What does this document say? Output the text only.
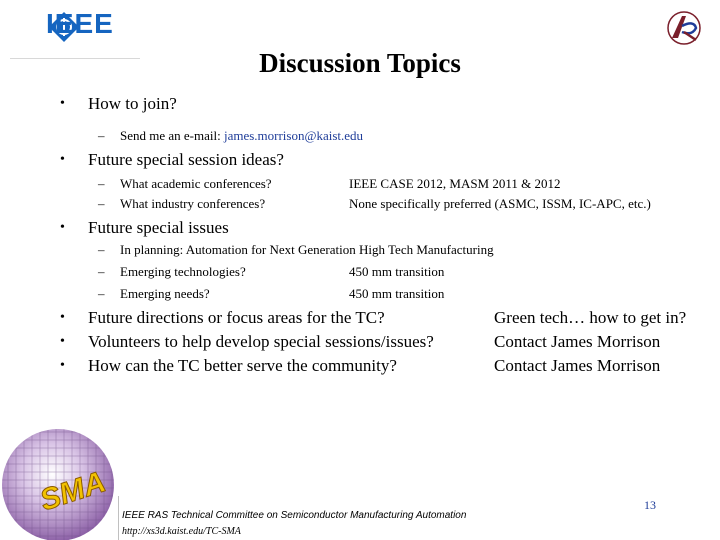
IEEE
Discussion Topics
• How to join?
– Send me an e-mail: james.morrison@kaist.edu
• Future special session ideas?
– What academic conferences?	IEEE CASE 2012, MASM 2011 & 2012
– What industry conferences?	None specifically preferred (ASMC, ISSM, IC-APC, etc.)
• Future special issues
– In planning: Automation for Next Generation High Tech Manufacturing
– Emerging technologies?	450 mm transition
– Emerging needs?	450 mm transition
• Future directions or focus areas for the TC?	Green tech… how to get in?
• Volunteers to help develop special sessions/issues?	Contact James Morrison
• How can the TC better serve the community?	Contact James Morrison
SMA	13
IEEE RAS Technical Committee on Semiconductor Manufacturing Automation
http://xs3d.kaist.edu/TC-SMA
